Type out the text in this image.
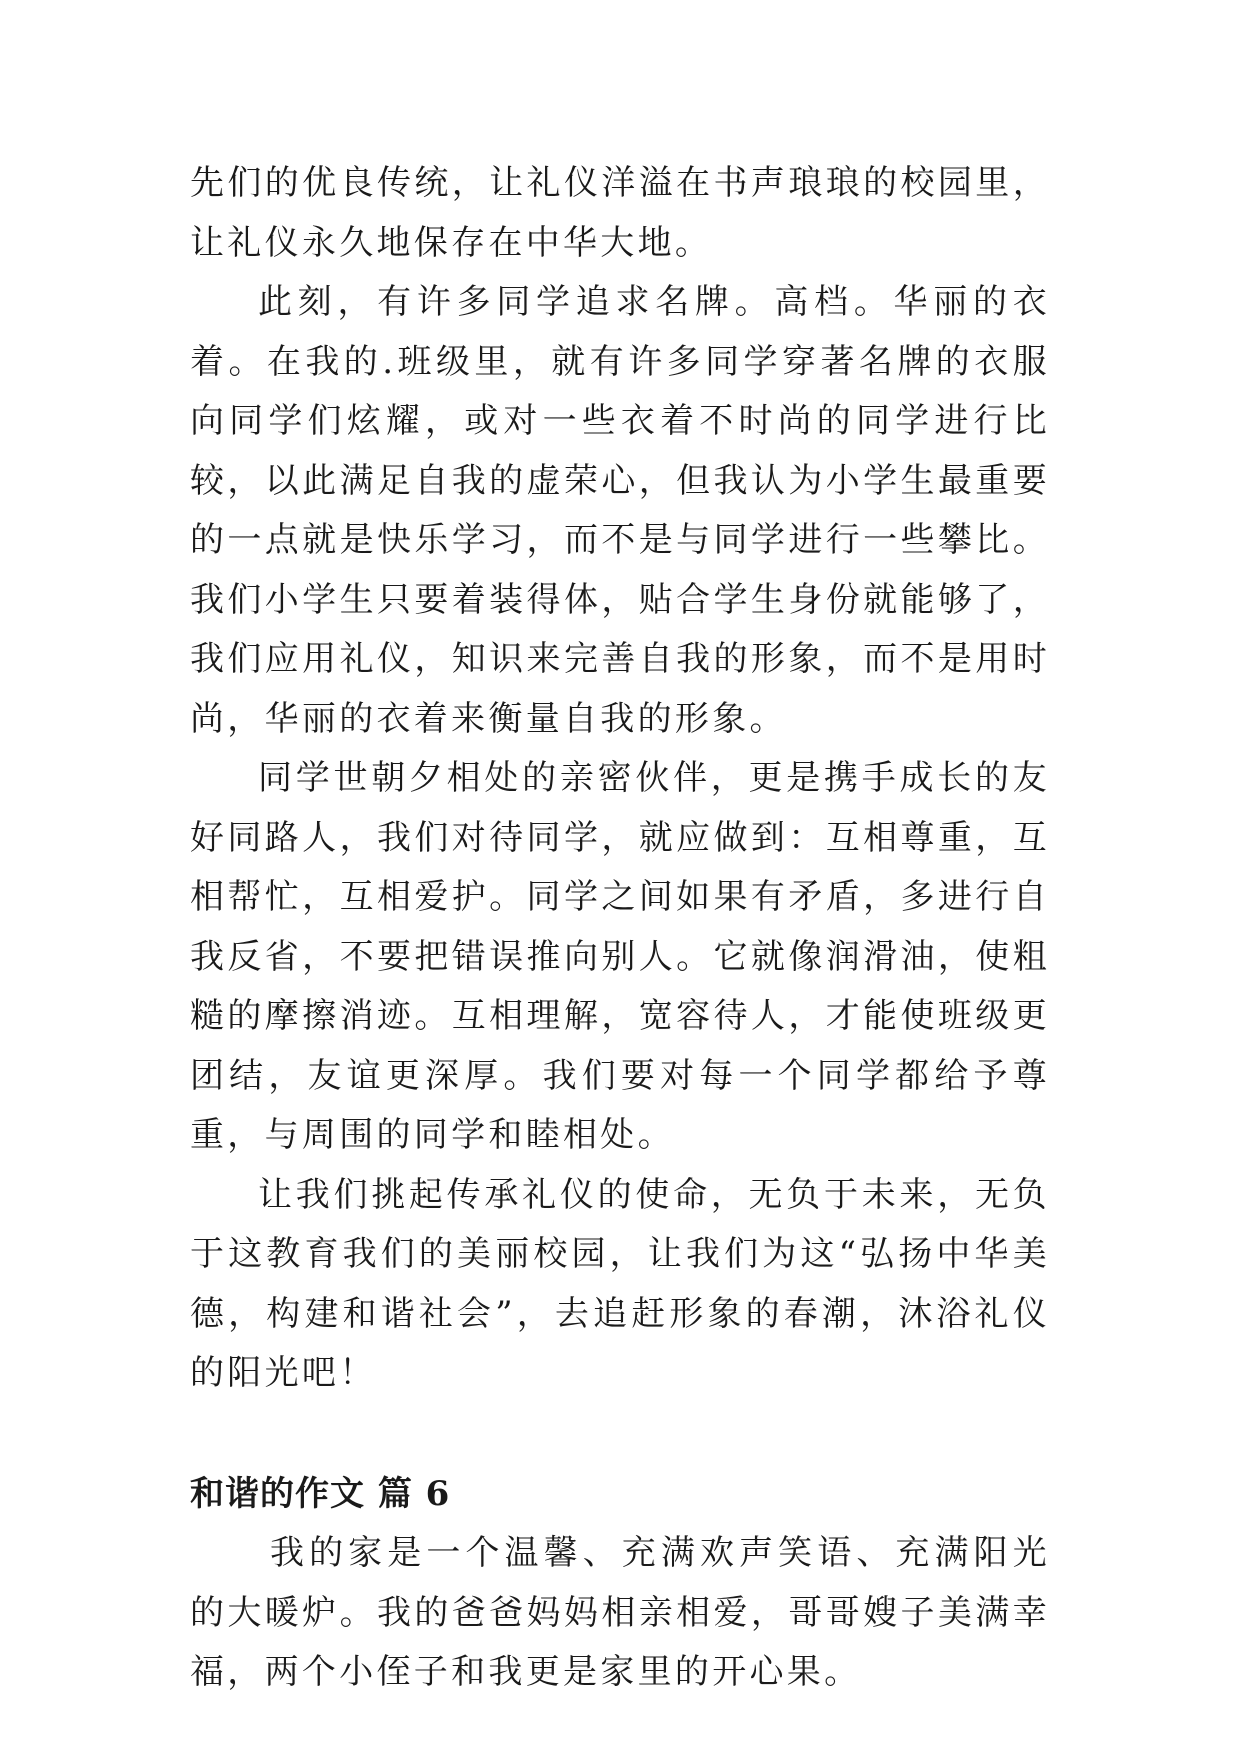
先们的优良传统，让礼仪洋溢在书声琅琅的校园里，让礼仪永久地保存在中华大地。

此刻，有许多同学追求名牌。高档。华丽的衣着。在我的.班级里，就有许多同学穿著名牌的衣服向同学们炫耀，或对一些衣着不时尚的同学进行比较，以此满足自我的虚荣心，但我认为小学生最重要的一点就是快乐学习，而不是与同学进行一些攀比。我们小学生只要着装得体，贴合学生身份就能够了，我们应用礼仪，知识来完善自我的形象，而不是用时尚，华丽的衣着来衡量自我的形象。

同学世朝夕相处的亲密伙伴，更是携手成长的友好同路人，我们对待同学，就应做到：互相尊重，互相帮忙，互相爱护。同学之间如果有矛盾，多进行自我反省，不要把错误推向别人。它就像润滑油，使粗糙的摩擦消迹。互相理解，宽容待人，才能使班级更团结，友谊更深厚。我们要对每一个同学都给予尊重，与周围的同学和睦相处。

让我们挑起传承礼仪的使命，无负于未来，无负于这教育我们的美丽校园，让我们为这“弘扬中华美德，构建和谐社会”，去追赶形象的春潮，沐浴礼仪的阳光吧！

和谐的作文 篇 6

我的家是一个温馨、充满欢声笑语、充满阳光的大暖炉。我的爸爸妈妈相亲相爱，哥哥嫂子美满幸福，两个小侄子和我更是家里的开心果。
